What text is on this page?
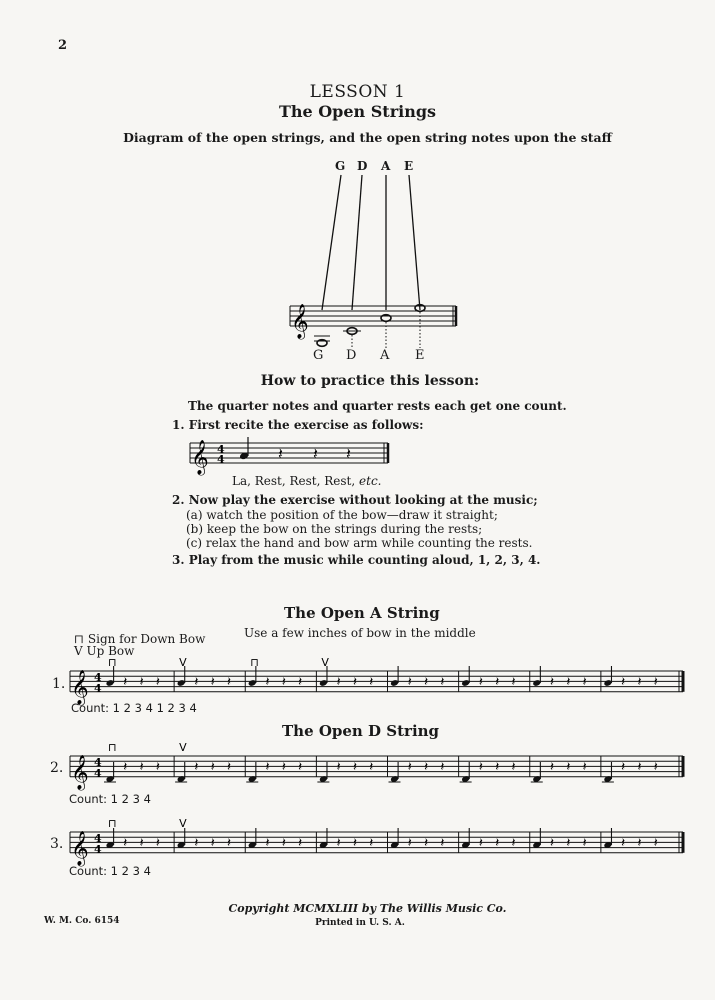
2
LESSON 1
The Open Strings
Diagram of the open strings, and the open string notes upon the staff
𝄞
G D A E
G D A E
How to practice this lesson:
The quarter notes and quarter rests each get one count.
1. First recite the exercise as follows:
𝄞 4
4	𝄽 𝄽 𝄽
La, Rest, Rest, Rest, etc.
2. Now play the exercise without looking at the music;
(a) watch the position of the bow—draw it straight;
(b) keep the bow on the strings during the rests;
(c) relax the hand and bow arm while counting the rests.
3. Play from the music while counting aloud, 1, 2, 3, 4.
The Open A String
Use a few inches of bow in the middle
⊓ Sign for Down Bow
V Up Bow
𝄞 4
4 𝄽 𝄽 𝄽
⊓
𝄽 𝄽 𝄽
V
𝄽 𝄽 𝄽
⊓
𝄽 𝄽 𝄽
V
𝄽 𝄽 𝄽	𝄽 𝄽 𝄽	𝄽 𝄽 𝄽	𝄽 𝄽 𝄽
𝄞 4
4 𝄽 𝄽 𝄽
⊓
𝄽 𝄽 𝄽
V
𝄽 𝄽 𝄽	𝄽 𝄽 𝄽	𝄽 𝄽 𝄽	𝄽 𝄽 𝄽	𝄽 𝄽 𝄽	𝄽 𝄽 𝄽
𝄞 4
4 𝄽 𝄽 𝄽
⊓
𝄽 𝄽 𝄽
V
𝄽 𝄽 𝄽	𝄽 𝄽 𝄽	𝄽 𝄽 𝄽	𝄽 𝄽 𝄽	𝄽 𝄽 𝄽	𝄽 𝄽 𝄽
1.
Count: 1 2 3 4 1 2 3 4
The Open D String
2.
Count: 1 2 3 4
3.
Count: 1 2 3 4
W. M. Co. 6154
Copyright MCMXLIII by The Willis Music Co.
Printed in U. S. A.
